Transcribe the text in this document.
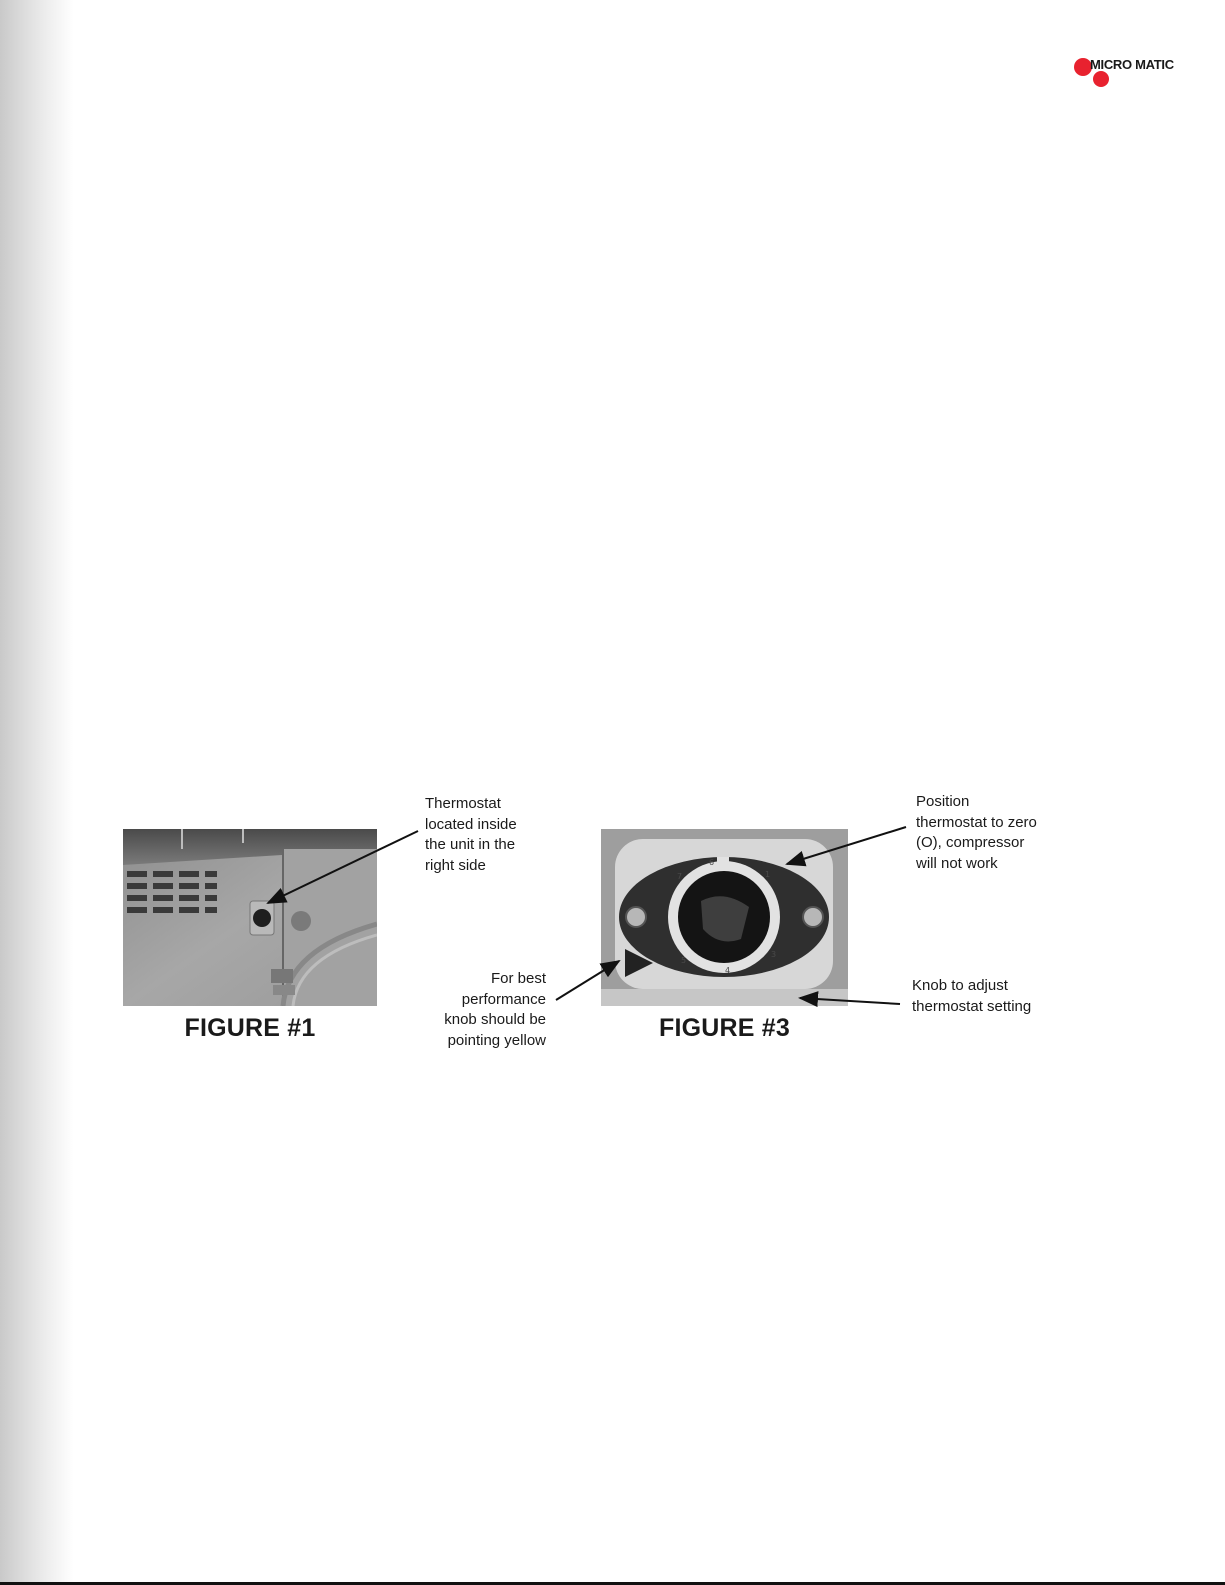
MICRO MATIC
7
6
1
5
4
3
Thermostat
located inside
the unit in the
right side
For best
performance
knob should be
pointing yellow
Position
thermostat to zero
(O), compressor
will not work
Knob to adjust
thermostat setting
FIGURE #1	FIGURE #3
